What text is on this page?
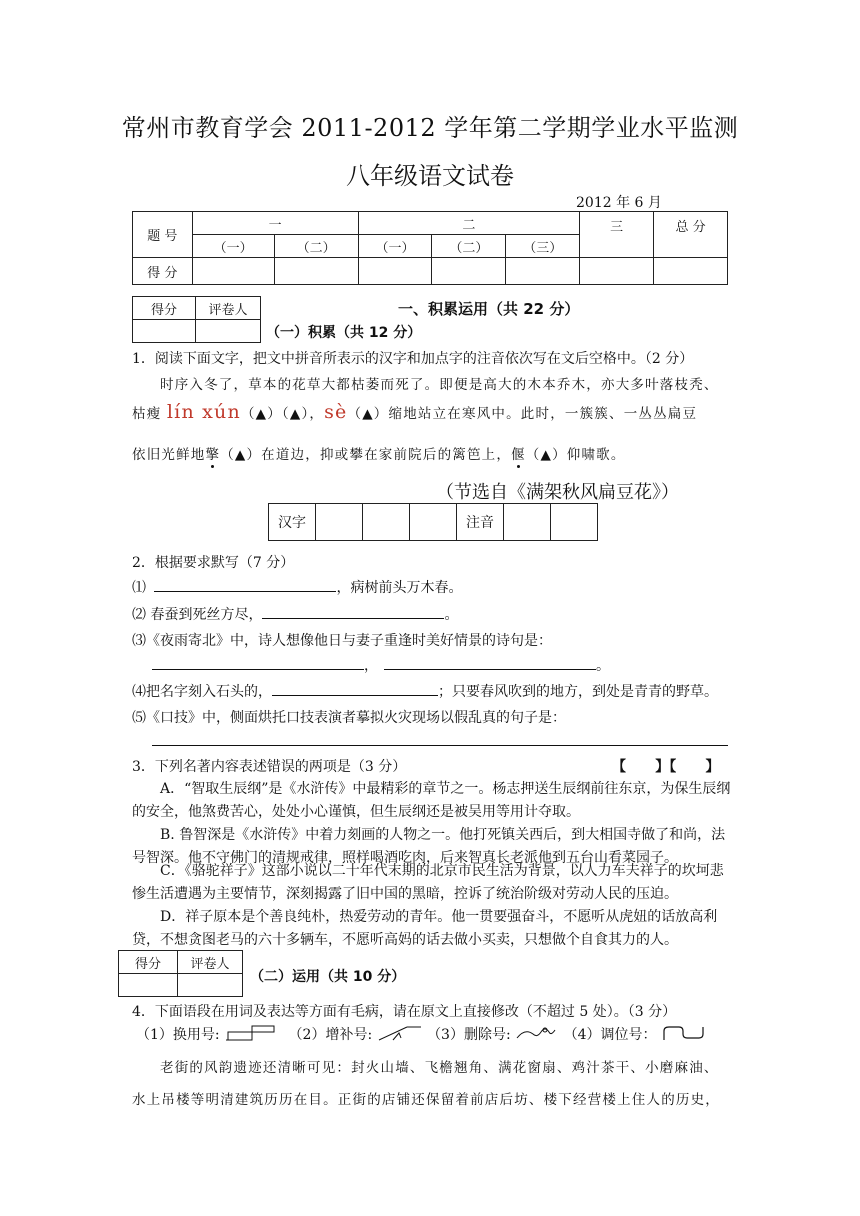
常州市教育学会 2011-2012 学年第二学期学业水平监测
八年级语文试卷
2012 年 6 月
题 号	一		二			三	总 分
	（一）	（二）	（一）	（二）	（三）		
得 分							
得分	评卷人
		一、积累运用（共 22 分）
（一）积累（共 12 分）
1．阅读下面文字，把文中拼音所表示的汉字和加点字的注音依次写在文后空格中。（2 分）
时序入冬了，草本的花草大都枯萎而死了。即便是高大的木本乔木，亦大多叶落枝秃、
枯瘦 lín xún（▲）（▲），sè（▲）缩地站立在寒风中。此时，一簇簇、一丛丛扁豆
依旧光鲜地擎（▲）在道边，抑或攀在家前院后的篱笆上，偃（▲）仰啸歌。
（节选自《满架秋风扁豆花》）
汉字				注音		
2．根据要求默写（7 分）
⑴	，病树前头万木春。
⑵ 春蚕到死丝方尽，	。
⑶《夜雨寄北》中，诗人想像他日与妻子重逢时美好情景的诗句是：
，	。
⑷把名字刻入石头的，	；只要春风吹到的地方，到处是青青的野草。
⑸《口技》中，侧面烘托口技表演者摹拟火灾现场以假乱真的句子是：
3．下列名著内容表述错误的两项是（3 分）	【      】【      】
A．“智取生辰纲”是《水浒传》中最精彩的章节之一。杨志押送生辰纲前往东京，为保生辰纲的安全，他煞费苦心，处处小心谨慎，但生辰纲还是被吴用等用计夺取。
B. 鲁智深是《水浒传》中着力刻画的人物之一。他打死镇关西后，到大相国寺做了和尚，法号智深。他不守佛门的清规戒律，照样喝酒吃肉，后来智真长老派他到五台山看菜园子。
C．《骆驼祥子》这部小说以二十年代末期的北京市民生活为背景，以人力车夫祥子的坎坷悲惨生活遭遇为主要情节，深刻揭露了旧中国的黑暗，控诉了统治阶级对劳动人民的压迫。
D．祥子原本是个善良纯朴，热爱劳动的青年。他一贯要强奋斗，不愿听从虎妞的话放高利贷，不想贪图老马的六十多辆车，不愿听高妈的话去做小买卖，只想做个自食其力的人。
得分	评卷人

（二）运用（共 10 分）
4．下面语段在用词及表达等方面有毛病，请在原文上直接修改（不超过 5 处）。（3 分）
（1）换用号:	（2）增补号:	（3）删除号:	（4）调位号：
老街的风韵遗迹还清晰可见：封火山墙、飞檐翘角、满花窗扇、鸡汁茶干、小磨麻油、
水上吊楼等明清建筑历历在目。正街的店铺还保留着前店后坊、楼下经营楼上住人的历史，
